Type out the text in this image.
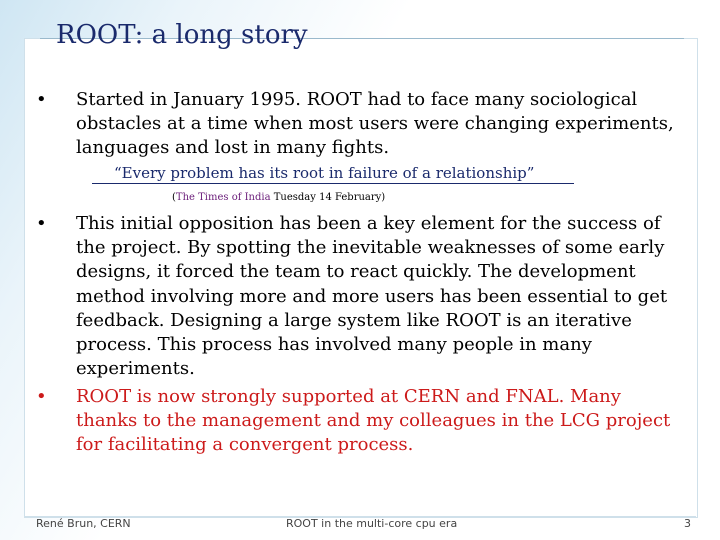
ROOT: a long story
• Started in January 1995. ROOT had to face many sociological obstacles at a time when most users were changing experiments, languages and lost in many fights.
“Every problem has its root in failure of a relationship”
(The Times of India Tuesday 14 February)
• This initial opposition has been a key element for the success of the project. By spotting the inevitable weaknesses of some early designs, it forced the team to react quickly. The development method involving more and more users has been essential to get feedback. Designing a large system like ROOT is an iterative process. This process has involved many people in many experiments.
• ROOT is now strongly supported at CERN and FNAL. Many thanks to the management and my colleagues in the LCG project for facilitating a convergent process.
René Brun, CERN	ROOT in the multi-core cpu era	3
